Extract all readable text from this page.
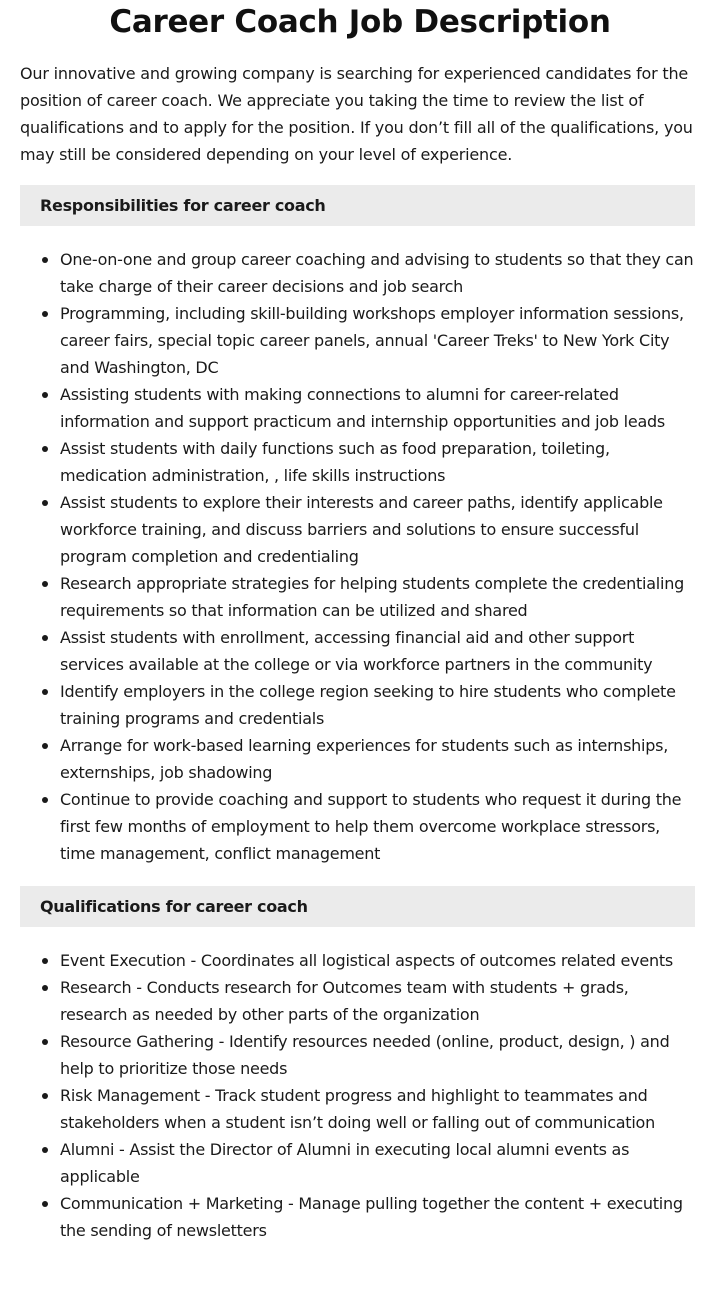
Career Coach Job Description

Our innovative and growing company is searching for experienced candidates for the position of career coach. We appreciate you taking the time to review the list of qualifications and to apply for the position. If you don’t fill all of the qualifications, you may still be considered depending on your level of experience.

Responsibilities for career coach
One-on-one and group career coaching and advising to students so that they can take charge of their career decisions and job search
Programming, including skill-building workshops employer information sessions, career fairs, special topic career panels, annual 'Career Treks' to New York City and Washington, DC
Assisting students with making connections to alumni for career-related information and support practicum and internship opportunities and job leads
Assist students with daily functions such as food preparation, toileting, medication administration, , life skills instructions
Assist students to explore their interests and career paths, identify applicable workforce training, and discuss barriers and solutions to ensure successful program completion and credentialing
Research appropriate strategies for helping students complete the credentialing requirements so that information can be utilized and shared
Assist students with enrollment, accessing financial aid and other support services available at the college or via workforce partners in the community
Identify employers in the college region seeking to hire students who complete training programs and credentials
Arrange for work-based learning experiences for students such as internships, externships, job shadowing
Continue to provide coaching and support to students who request it during the first few months of employment to help them overcome workplace stressors, time management, conflict management
Qualifications for career coach
Event Execution - Coordinates all logistical aspects of outcomes related events
Research - Conducts research for Outcomes team with students + grads, research as needed by other parts of the organization
Resource Gathering - Identify resources needed (online, product, design, ) and help to prioritize those needs
Risk Management - Track student progress and highlight to teammates and stakeholders when a student isn’t doing well or falling out of communication
Alumni - Assist the Director of Alumni in executing local alumni events as applicable
Communication + Marketing - Manage pulling together the content + executing the sending of newsletters
